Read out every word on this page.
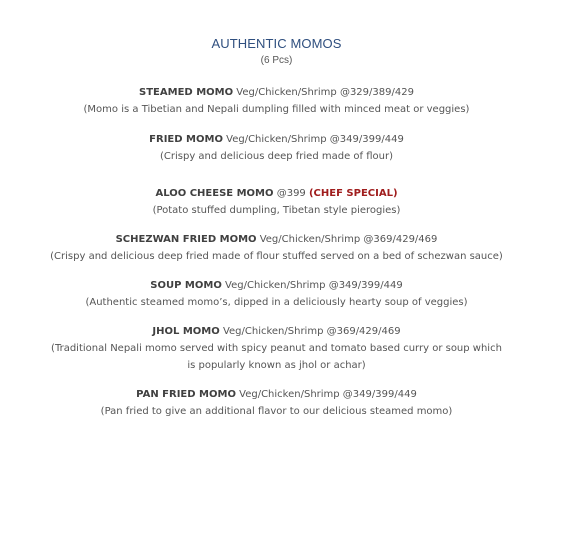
AUTHENTIC MOMOS
(6 Pcs)
STEAMED MOMO Veg/Chicken/Shrimp @329/389/429
(Momo is a Tibetian and Nepali dumpling filled with minced meat or veggies)
FRIED MOMO Veg/Chicken/Shrimp @349/399/449
(Crispy and delicious deep fried made of flour)
ALOO CHEESE MOMO @399 (CHEF SPECIAL)
(Potato stuffed dumpling, Tibetan style pierogies)
SCHEZWAN FRIED MOMO Veg/Chicken/Shrimp @369/429/469
(Crispy and delicious deep fried made of flour stuffed served on a bed of schezwan sauce)
SOUP MOMO Veg/Chicken/Shrimp @349/399/449
(Authentic steamed momo’s, dipped in a deliciously hearty soup of veggies)
JHOL MOMO Veg/Chicken/Shrimp @369/429/469
(Traditional Nepali momo served with spicy peanut and tomato based curry or soup which
is popularly known as jhol or achar)
PAN FRIED MOMO Veg/Chicken/Shrimp @349/399/449
(Pan fried to give an additional flavor to our delicious steamed momo)
